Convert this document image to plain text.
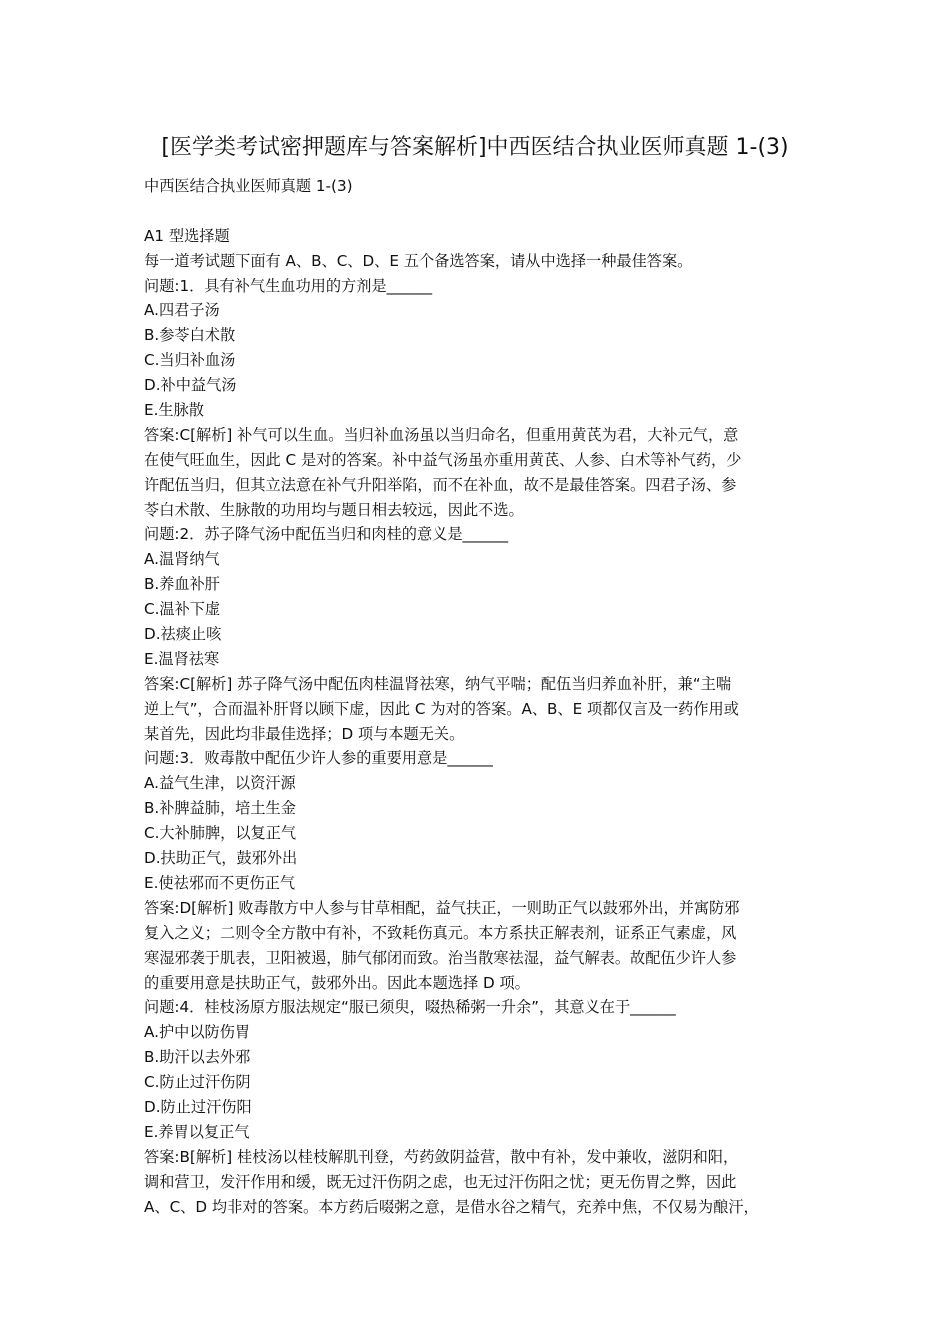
[医学类考试密押题库与答案解析]中西医结合执业医师真题 1-(3)
中西医结合执业医师真题 1-(3)
A1 型选择题
每一道考试题下面有 A、B、C、D、E 五个备选答案，请从中选择一种最佳答案。
问题:1．具有补气生血功用的方剂是______
A.四君子汤
B.参苓白术散
C.当归补血汤
D.补中益气汤
E.生脉散
答案:C[解析] 补气可以生血。当归补血汤虽以当归命名，但重用黄芪为君，大补元气，意
在使气旺血生，因此 C 是对的答案。补中益气汤虽亦重用黄芪、人参、白术等补气药，少
许配伍当归，但其立法意在补气升阳举陷，而不在补血，故不是最佳答案。四君子汤、参
苓白术散、生脉散的功用均与题日相去较远，因此不选。
问题:2．苏子降气汤中配伍当归和肉桂的意义是______
A.温肾纳气
B.养血补肝
C.温补下虚
D.祛痰止咳
E.温肾祛寒
答案:C[解析] 苏子降气汤中配伍肉桂温肾祛寒，纳气平喘；配伍当归养血补肝，兼“主喘
逆上气”，合而温补肝肾以顾下虚，因此 C 为对的答案。A、B、E 项都仅言及一药作用或
某首先，因此均非最佳选择；D 项与本题无关。
问题:3．败毒散中配伍少许人参的重要用意是______
A.益气生津，以资汗源
B.补脾益肺，培土生金
C.大补肺脾，以复正气
D.扶助正气，鼓邪外出
E.使祛邪而不更伤正气
答案:D[解析] 败毒散方中人参与甘草相配，益气扶正，一则助正气以鼓邪外出，并寓防邪
复入之义；二则令全方散中有补，不致耗伤真元。本方系扶正解表剂，证系正气素虚，风
寒湿邪袭于肌表，卫阳被遏，肺气郁闭而致。治当散寒祛湿，益气解表。故配伍少许人参
的重要用意是扶助正气，鼓邪外出。因此本题选择 D 项。
问题:4．桂枝汤原方服法规定“服已须臾，啜热稀粥一升余”，其意义在于______
A.护中以防伤胃
B.助汗以去外邪
C.防止过汗伤阴
D.防止过汗伤阳
E.养胃以复正气
答案:B[解析] 桂枝汤以桂枝解肌刊登，芍药敛阴益营，散中有补，发中兼收，滋阴和阳，
调和营卫，发汗作用和缓，既无过汗伤阴之虑，也无过汗伤阳之忧；更无伤胃之弊，因此
A、C、D 均非对的答案。本方药后啜粥之意，是借水谷之精气，充养中焦，不仅易为酿汗，
